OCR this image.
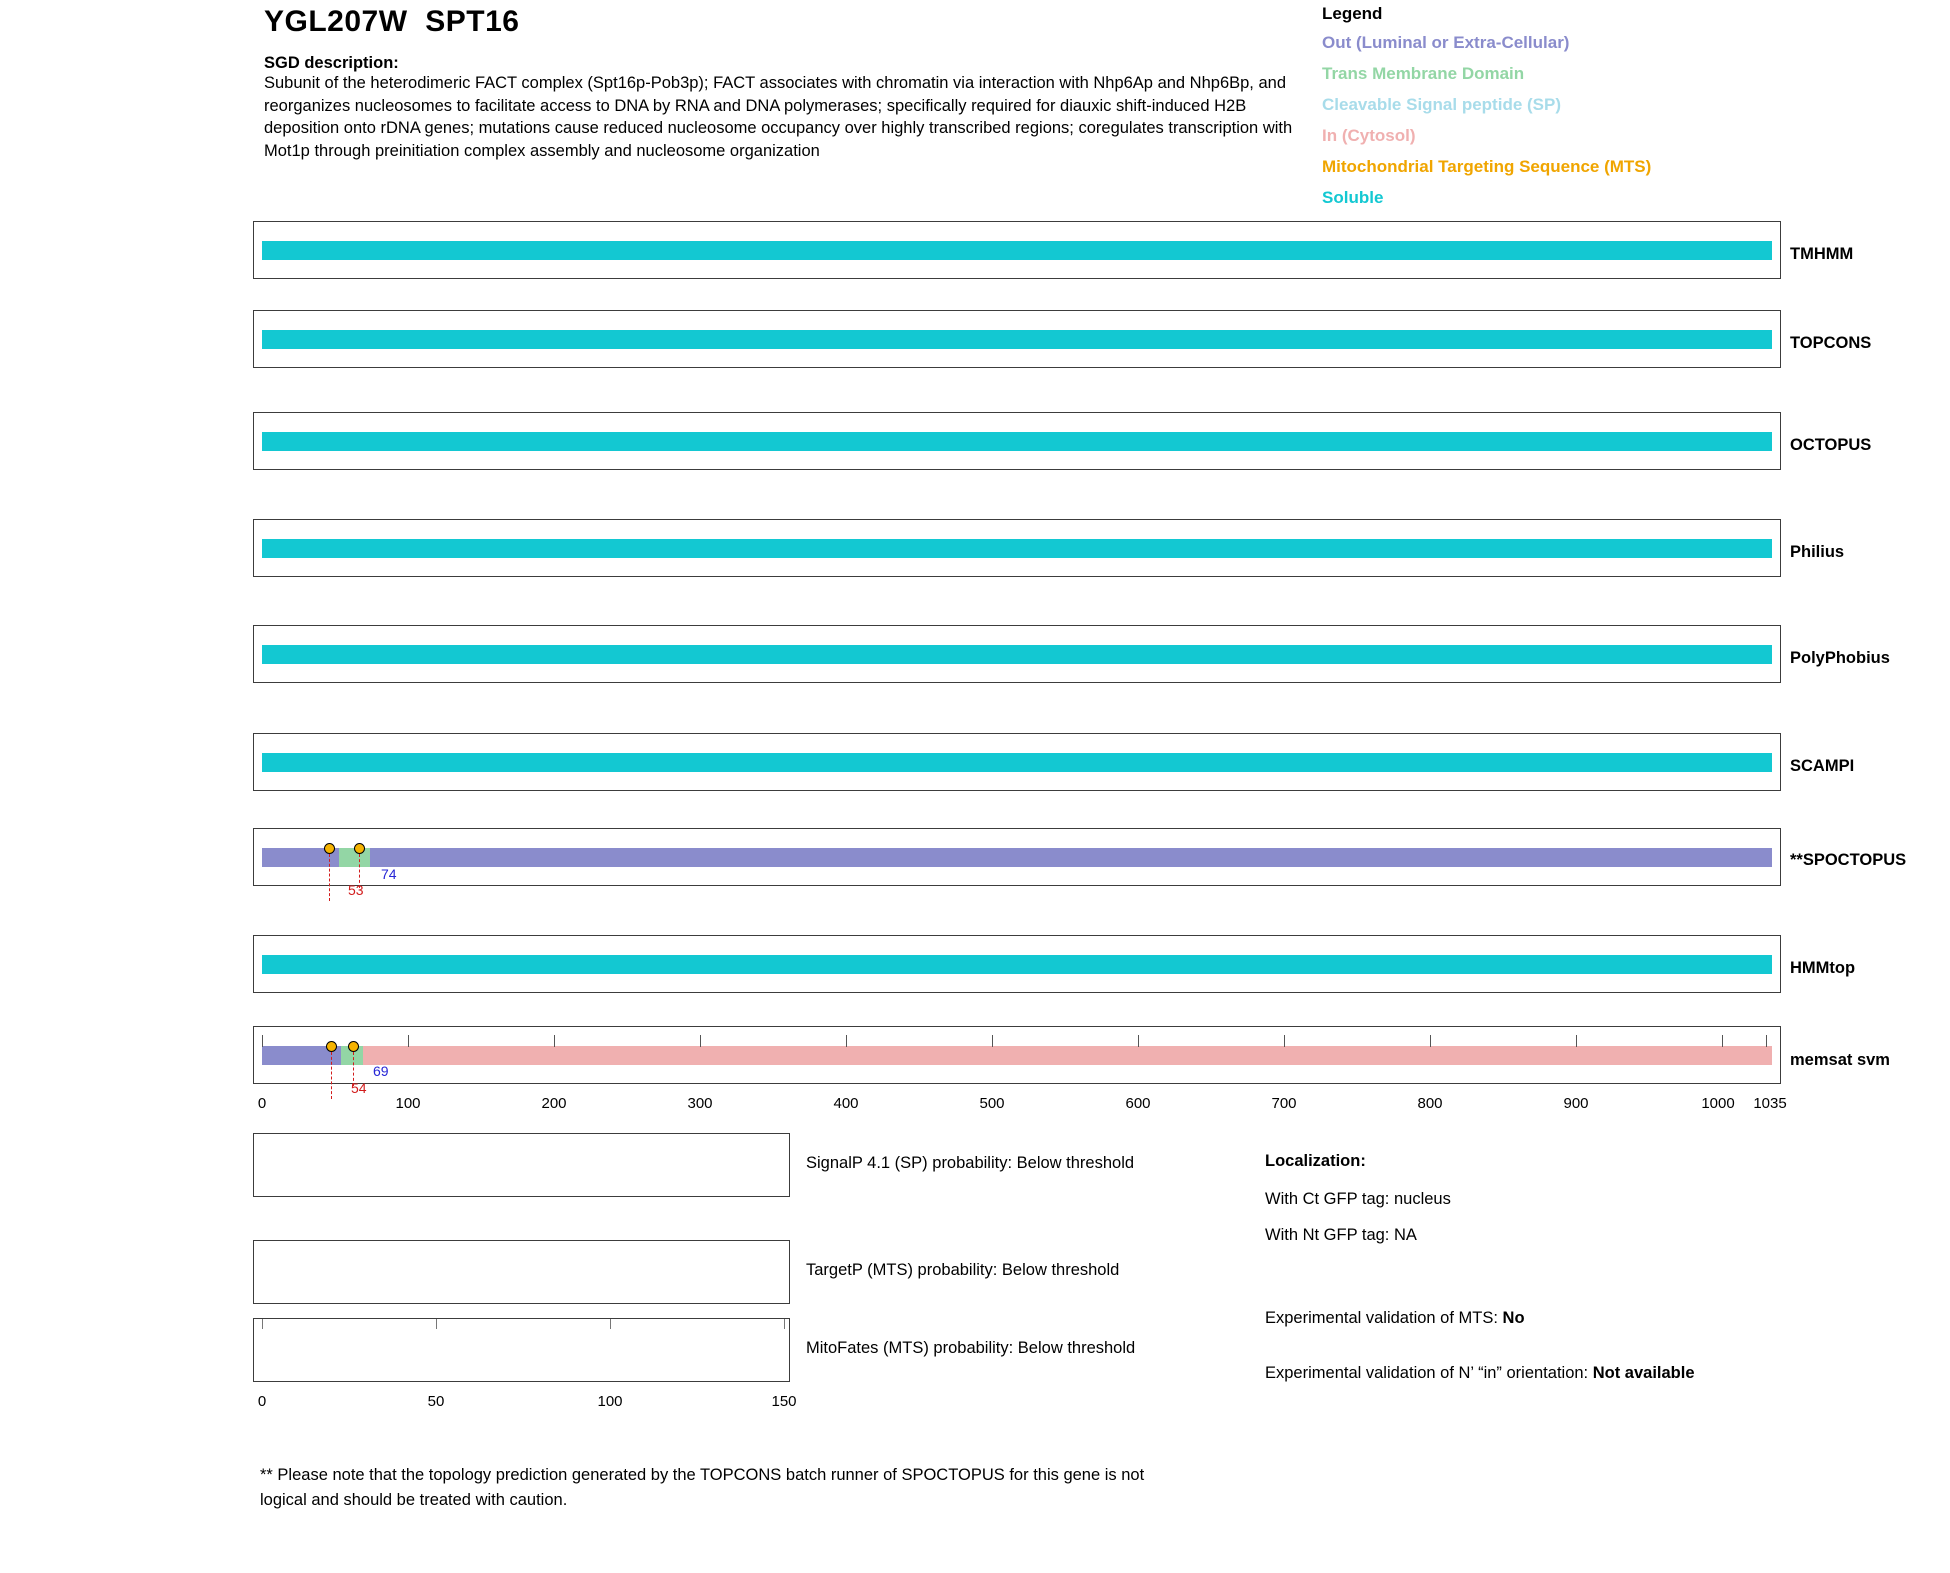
YGL207W SPT16
SGD description:
Subunit of the heterodimeric FACT complex (Spt16p-Pob3p); FACT associates with chromatin via interaction with Nhp6Ap and Nhp6Bp, and reorganizes nucleosomes to facilitate access to DNA by RNA and DNA polymerases; specifically required for diauxic shift-induced H2B deposition onto rDNA genes; mutations cause reduced nucleosome occupancy over highly transcribed regions; coregulates transcription with Mot1p through preinitiation complex assembly and nucleosome organization
Legend
Out (Luminal or Extra-Cellular)
Trans Membrane Domain
Cleavable Signal peptide (SP)
In (Cytosol)
Mitochondrial Targeting Sequence (MTS)
Soluble
TMHMM
TOPCONS
OCTOPUS
Philius
PolyPhobius
SCAMPI
53
74
**SPOCTOPUS
HMMtop
54
69
memsat svm
0	100	200	300	400	500	600	700	800	900	1000 1035
SignalP 4.1 (SP) probability: Below threshold
TargetP (MTS) probability: Below threshold
MitoFates (MTS) probability: Below threshold
0	50	100	150
Localization:
With Ct GFP tag: nucleus
With Nt GFP tag: NA
Experimental validation of MTS: No
Experimental validation of N’ “in” orientation: Not available
** Please note that the topology prediction generated by the TOPCONS batch runner of SPOCTOPUS for this gene is not logical and should be treated with caution.
